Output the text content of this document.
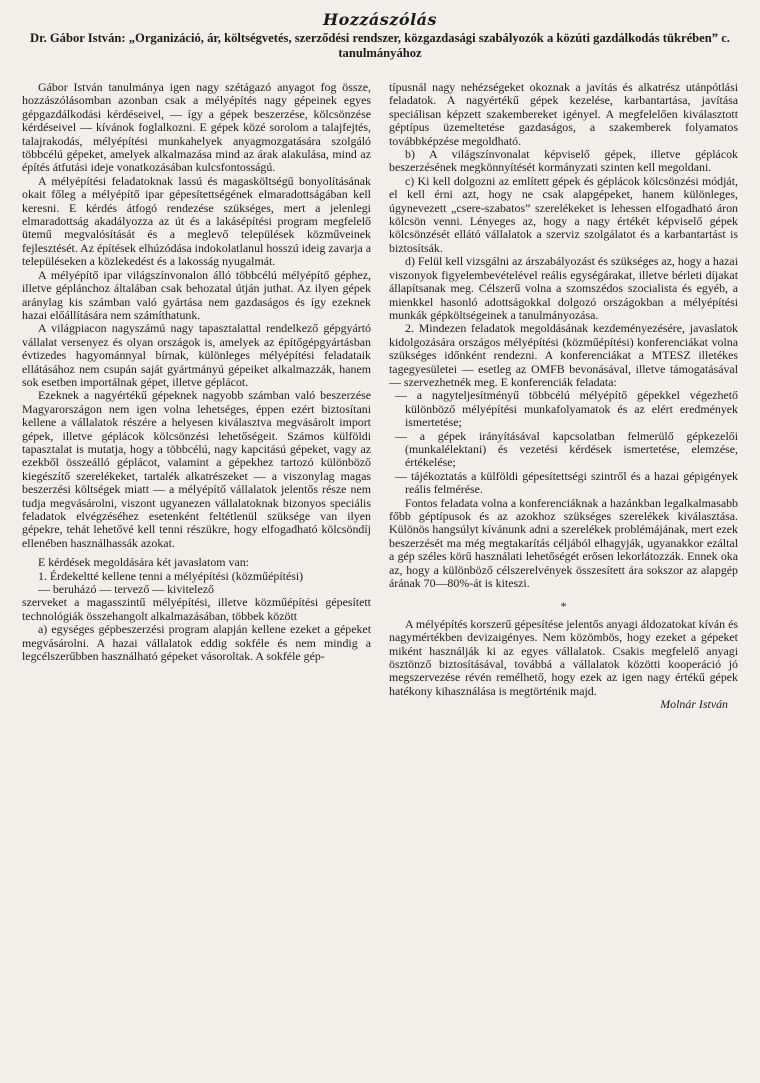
Hozzászólás
Dr. Gábor István: „Organizáció, ár, költségvetés, szerződési rendszer, közgazdasági szabályozók a közúti gazdálkodás tükrében” c. tanulmányához

Gábor István tanulmánya igen nagy szétágazó anyagot fog össze, hozzászólásomban azonban csak a mélyépítés nagy gépeinek egyes gépgazdálkodási kérdéseivel, — így a gépek beszerzése, kölcsönzése kérdéseivel — kívánok foglalkozni. E gépek közé sorolom a talajfejtés, talajrakodás, mélyépítési munkahelyek anyagmozgatására szolgáló többcélú gépeket, amelyek alkalmazása mind az árak alakulása, mind az építés átfutási ideje vonatkozásában kulcsfontosságú.

A mélyépítési feladatoknak lassú és magasköltségű bonyolításának okait főleg a mélyépítő ipar gépesítettségének elmaradottságában kell keresni. E kérdés átfogó rendezése szükséges, mert a jelenlegi elmaradottság akadályozza az út és a lakásépítési program megfelelő ütemű megvalósítását és a meglevő települések közműveinek fejlesztését. Az építések elhúzódása indokolatlanul hosszú ideig zavarja a településeken a közlekedést és a lakosság nyugalmát.

A mélyépítő ipar világszínvonalon álló többcélú mélyépítő géphez, illetve géplánchoz általában csak behozatal útján juthat. Az ilyen gépek aránylag kis számban való gyártása nem gazdaságos és így ezeknek hazai előállítására nem számíthatunk.

A világpiacon nagyszámú nagy tapasztalattal rendelkező gépgyártó vállalat versenyez és olyan országok is, amelyek az építőgépgyártásban évtizedes hagyománnyal bírnak, különleges mélyépítési feladataik ellátásához nem csupán saját gyártmányú gépeiket alkalmazzák, hanem sok esetben importálnak gépet, illetve géplácot.

Ezeknek a nagyértékű gépeknek nagyobb számban való beszerzése Magyarországon nem igen volna lehetséges, éppen ezért biztosítani kellene a vállalatok részére a helyesen kiválasztva megvásárolt import gépek, illetve géplácok kölcsönzési lehetőségeit. Számos külföldi tapasztalat is mutatja, hogy a többcélú, nagy kapcitású gépeket, vagy az ezekből összeálló géplácot, valamint a gépekhez tartozó különböző kiegészítő szerelékeket, tartalék alkatrészeket — a viszonylag magas beszerzési költségek miatt — a mélyépítő vállalatok jelentős része nem tudja megvásárolni, viszont ugyanezen vállalatoknak bizonyos speciális feladatok elvégzéséhez esetenként feltétlenül szüksége van ilyen gépekre, tehát lehetővé kell tenni részükre, hogy elfogadható kölcsöndíj ellenében használhassák azokat.

E kérdések megoldására két javaslatom van:

1. Érdekeltté kellene tenni a mélyépítési (közműépítési)

— beruházó — tervező — kivitelező

szerveket a magasszintű mélyépítési, illetve közműépítési gépesített technológiák összehangolt alkalmazásában, többek között

a) egységes gépbeszerzési program alapján kellene ezeket a gépeket megvásárolni. A hazai vállalatok eddig sokféle és nem mindig a legcélszerűbben használható gépeket vásoroltak. A sokféle gép-

típusnál nagy nehézségeket okoznak a javítás és alkatrész utánpótlási feladatok. A nagyértékű gépek kezelése, karbantartása, javítása speciálisan képzett szakembereket igényel. A megfelelően kiválasztott géptípus üzemeltetése gazdaságos, a szakemberek folyamatos továbbképzése megoldható.

b) A világszínvonalat képviselő gépek, illetve géplácok beszerzésének megkönnyítését kormányzati szinten kell megoldani.

c) Ki kell dolgozni az említett gépek és géplácok kölcsönzési módját, el kell érni azt, hogy ne csak alapgépeket, hanem különleges, úgynevezett „csere-szabatos” szerelékeket is lehessen elfogadható áron kölcsön venni. Lényeges az, hogy a nagy értékét képviselő gépek kölcsönzését ellátó vállalatok a szerviz szolgálatot és a karbantartást is biztosítsák.

d) Felül kell vizsgálni az árszabályozást és szükséges az, hogy a hazai viszonyok figyelembevételével reális egységárakat, illetve bérleti díjakat állapítsanak meg. Célszerű volna a szomszédos szocialista és egyéb, a mienkkel hasonló adottságokkal dolgozó országokban a mélyépítési munkák gépköltségeinek a tanulmányozása.

2. Mindezen feladatok megoldásának kezdeményezésére, javaslatok kidolgozására országos mélyépítési (közműépítési) konferenciákat volna szükséges időnként rendezni. A konferenciákat a MTESZ illetékes tagegyesületei — esetleg az OMFB bevonásával, illetve támogatásával — szervezhetnék meg. E konferenciák feladata:

— a nagyteljesítményű többcélú mélyépítő gépekkel végezhető különböző mélyépítési munkafolyamatok és az elért eredmények ismertetése;

— a gépek irányításával kapcsolatban felmerülő gépkezelői (munkalélektani) és vezetési kérdések ismertetése, elemzése, értékelése;

— tájékoztatás a külföldi gépesítettségi szintről és a hazai gépigények reális felmérése.

Fontos feladata volna a konferenciáknak a hazánkban legalkalmasabb főbb géptípusok és az azokhoz szükséges szerelékek kiválasztása. Különös hangsúlyt kívánunk adni a szerelékek problémájának, mert ezek beszerzését ma még megtakarítás céljából elhagyják, ugyanakkor ezáltal a gép széles körű használati lehetőségét erősen lekorlátozzák. Ennek oka az, hogy a különböző célszerelvények összesített ára sokszor az alapgép árának 70—80%-át is kiteszi.

*

A mélyépítés korszerű gépesítése jelentős anyagi áldozatokat kíván és nagymértékben devizaigényes. Nem közömbös, hogy ezeket a gépeket miként használják ki az egyes vállalatok. Csakis megfelelő anyagi ösztönző biztosításával, továbbá a vállalatok közötti kooperáció jó megszervezése révén remélhető, hogy ezek az igen nagy értékű gépek hatékony kihasználása is megtörténik majd.

Molnár István
